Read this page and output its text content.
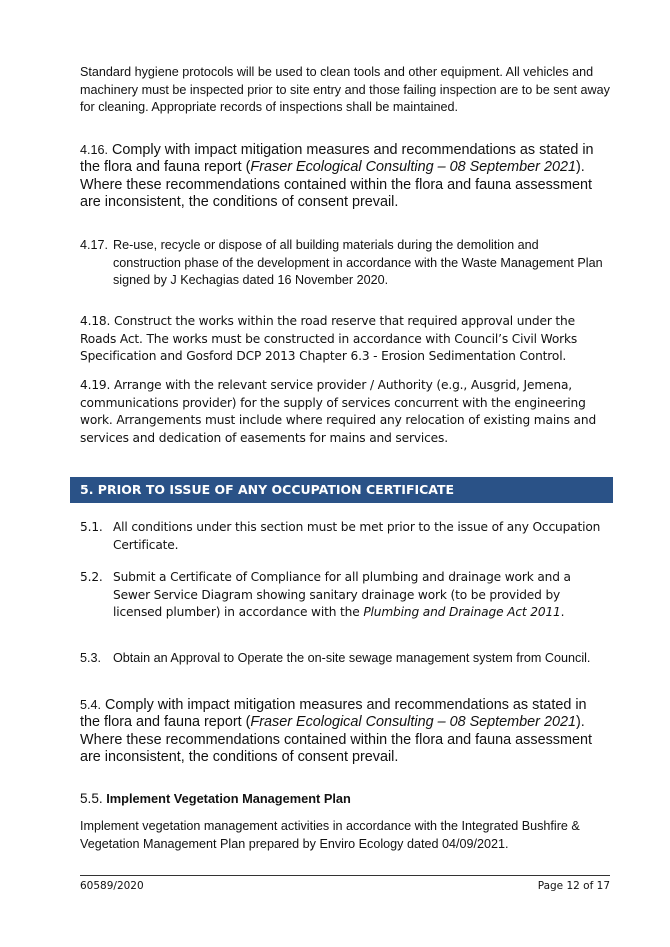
Standard hygiene protocols will be used to clean tools and other equipment. All vehicles and machinery must be inspected prior to site entry and those failing inspection are to be sent away for cleaning. Appropriate records of inspections shall be maintained.

4.16. Comply with impact mitigation measures and recommendations as stated in the flora and fauna report (Fraser Ecological Consulting – 08 September 2021). Where these recommendations contained within the flora and fauna assessment are inconsistent, the conditions of consent prevail.
4.17. Re-use, recycle or dispose of all building materials during the demolition and construction phase of the development in accordance with the Waste Management Plan signed by J Kechagias dated 16 November 2020.

4.18. Construct the works within the road reserve that required approval under the Roads Act. The works must be constructed in accordance with Council’s Civil Works Specification and Gosford DCP 2013 Chapter 6.3 - Erosion Sedimentation Control.

4.19. Arrange with the relevant service provider / Authority (e.g., Ausgrid, Jemena, communications provider) for the supply of services concurrent with the engineering work. Arrangements must include where required any relocation of existing mains and services and dedication of easements for mains and services.

5. PRIOR TO ISSUE OF ANY OCCUPATION CERTIFICATE
5.1. All conditions under this section must be met prior to the issue of any Occupation Certificate.

5.2. Submit a Certificate of Compliance for all plumbing and drainage work and a Sewer Service Diagram showing sanitary drainage work (to be provided by licensed plumber) in accordance with the Plumbing and Drainage Act 2011.

5.3. Obtain an Approval to Operate the on-site sewage management system from Council.

5.4. Comply with impact mitigation measures and recommendations as stated in the flora and fauna report (Fraser Ecological Consulting – 08 September 2021). Where these recommendations contained within the flora and fauna assessment are inconsistent, the conditions of consent prevail.
5.5. Implement Vegetation Management Plan

Implement vegetation management activities in accordance with the Integrated Bushfire & Vegetation Management Plan prepared by Enviro Ecology dated 04/09/2021.

60589/2020	Page 12 of 17
